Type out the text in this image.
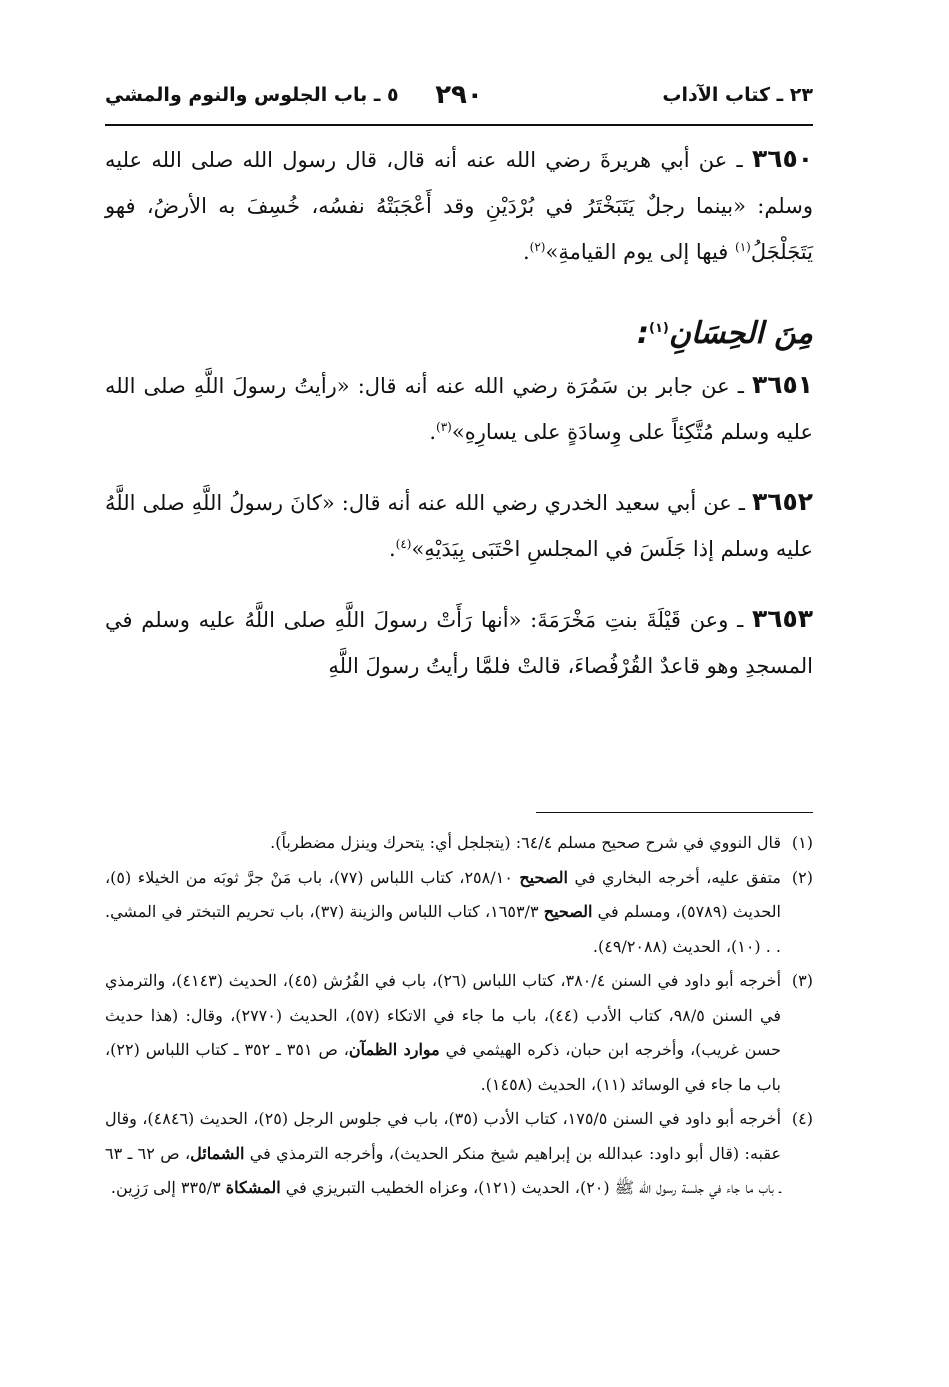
٢٣ ـ كتاب الآداب
٢٩٠
٥ ـ باب الجلوس والنوم والمشي

٣٦٥٠ ـ عن أبي هريرةَ رضي الله عنه أنه قال، قال رسول الله صلى الله عليه وسلم: «بينما رجلٌ يَتَبَخْتَرُ في بُرْدَيْنِ وقد أَعْجَبَتْهُ نفسُه، خُسِفَ به الأرضُ، فهو يَتَجَلْجَلُ$^{(١)}$ فيها إلى يوم القيامةِ»$^{(٢)}$.

مِنَ الحِسَانِ$^{(١)}$:

٣٦٥١ ـ عن جابر بن سَمُرَة رضي الله عنه أنه قال: «رأيتُ رسولَ اللَّهِ صلى الله عليه وسلم مُتَّكِئاً على وِسادَةٍ على يسارِهِ»$^{(٣)}$.

٣٦٥٢ ـ عن أبي سعيد الخدري رضي الله عنه أنه قال: «كانَ رسولُ اللَّهِ صلى اللَّهُ عليه وسلم إذا جَلَسَ في المجلسِ احْتَبَى بِيَدَيْهِ»$^{(٤)}$.

٣٦٥٣ ـ وعن قَيْلَةَ بنتِ مَخْرَمَةَ: «أنها رَأَتْ رسولَ اللَّهِ صلى اللَّهُ عليه وسلم في المسجدِ وهو قاعدٌ القُرْفُصاءَ، قالتْ فلمَّا رأيتُ رسولَ اللَّهِ

(١)
قال النووي في شرح صحيح مسلم ٦٤/٤: (يتجلجل أي: يتحرك وينزل مضطرباً).

(٢)
متفق عليه، أخرجه البخاري في الصحيح ٢٥٨/١٠، كتاب اللباس (٧٧)، باب مَنْ جرَّ ثوبَه من الخيلاء (٥)، الحديث (٥٧٨٩)، ومسلم في الصحيح ١٦٥٣/٣، كتاب اللباس والزينة (٣٧)، باب تحريم التبختر في المشي. . . (١٠)، الحديث (٤٩/٢٠٨٨).

(٣)
أخرجه أبو داود في السنن ٣٨٠/٤، كتاب اللباس (٢٦)، باب في الفُرُش (٤٥)، الحديث (٤١٤٣)، والترمذي في السنن ٩٨/٥، كتاب الأدب (٤٤)، باب ما جاء في الاتكاء (٥٧)، الحديث (٢٧٧٠)، وقال: (هذا حديث حسن غريب)، وأخرجه ابن حبان، ذكره الهيثمي في موارد الظمآن، ص ٣٥١ ـ ٣٥٢ ـ كتاب اللباس (٢٢)، باب ما جاء في الوسائد (١١)، الحديث (١٤٥٨).

(٤)
أخرجه أبو داود في السنن ١٧٥/٥، كتاب الأدب (٣٥)، باب في جلوس الرجل (٢٥)، الحديث (٤٨٤٦)، وقال عقبه: (قال أبو داود: عبدالله بن إبراهيم شيخ منكر الحديث)، وأخرجه الترمذي في الشمائل، ص ٦٢ ـ ٦٣ ـ باب ما جاء في جلسة رسول الله ﷺ (٢٠)، الحديث (١٢١)، وعزاه الخطيب التبريزي في المشكاة ٣٣٥/٣ إلى رَزِين.
